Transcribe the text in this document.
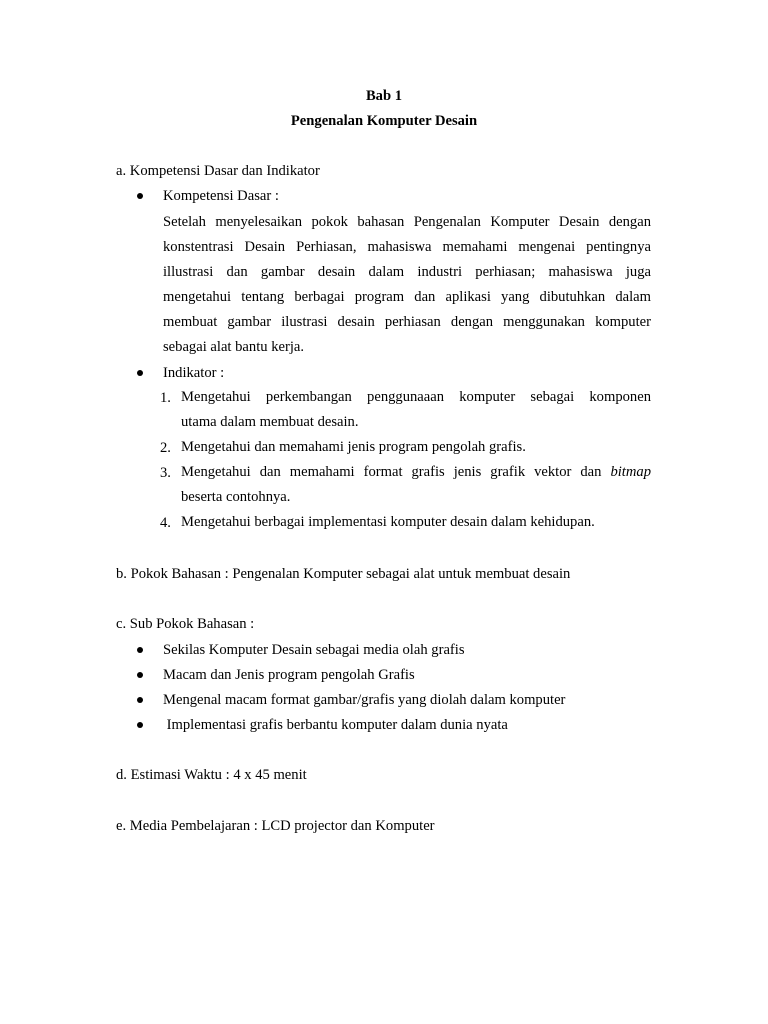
Bab 1
Pengenalan Komputer Desain
a. Kompetensi Dasar dan Indikator
Kompetensi Dasar :
Setelah menyelesaikan pokok bahasan Pengenalan Komputer Desain dengan
konstentrasi Desain Perhiasan, mahasiswa memahami mengenai pentingnya
illustrasi dan gambar desain dalam industri perhiasan; mahasiswa juga
mengetahui tentang berbagai program dan aplikasi yang dibutuhkan dalam
membuat gambar ilustrasi desain perhiasan dengan menggunakan komputer
sebagai alat bantu kerja.
Indikator :
1. Mengetahui perkembangan penggunaaan komputer sebagai komponen
utama dalam membuat desain.
2. Mengetahui dan memahami jenis program pengolah grafis.
3. Mengetahui dan memahami format grafis jenis grafik vektor dan bitmap
beserta contohnya.
4. Mengetahui berbagai implementasi komputer desain dalam kehidupan.
b. Pokok Bahasan : Pengenalan Komputer sebagai alat untuk membuat desain
c. Sub Pokok Bahasan :
Sekilas Komputer Desain sebagai media olah grafis
Macam dan Jenis program pengolah Grafis
Mengenal macam format gambar/grafis yang diolah dalam komputer
Implementasi grafis berbantu komputer dalam dunia nyata
d. Estimasi Waktu : 4 x 45 menit
e. Media Pembelajaran : LCD projector dan Komputer
